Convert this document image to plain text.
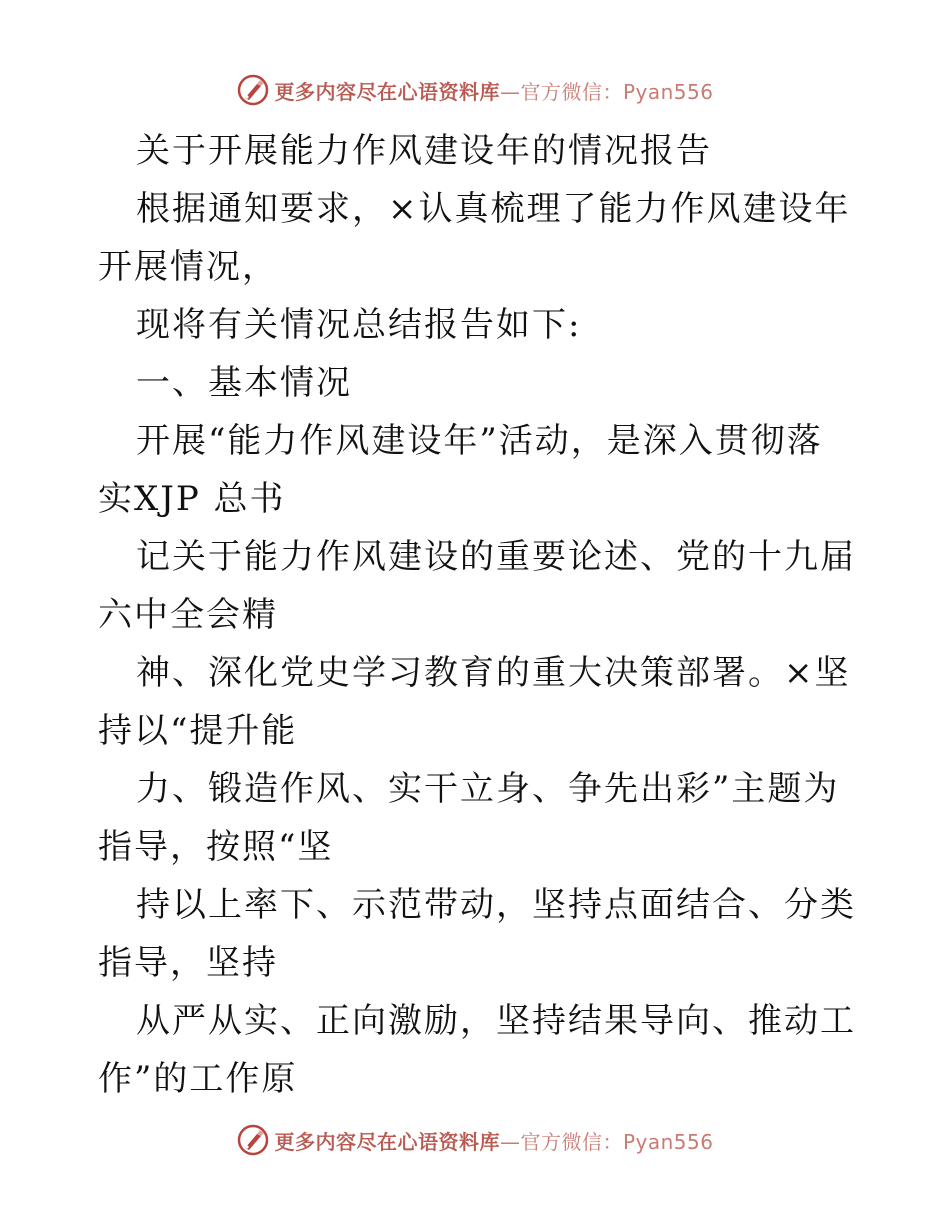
更多内容尽在心语资料库—官方微信：Pyan556

关于开展能力作风建设年的情况报告

根据通知要求，×认真梳理了能力作风建设年开展情况，

现将有关情况总结报告如下:

一、基本情况

开展“能力作风建设年”活动，是深入贯彻落实XJP 总书

记关于能力作风建设的重要论述、党的十九届六中全会精

神、深化党史学习教育的重大决策部署。×坚持以“提升能

力、锻造作风、实干立身、争先出彩”主题为指导，按照“坚

持以上率下、示范带动，坚持点面结合、分类指导，坚持

从严从实、正向激励，坚持结果导向、推动工作”的工作原

更多内容尽在心语资料库—官方微信：Pyan556
